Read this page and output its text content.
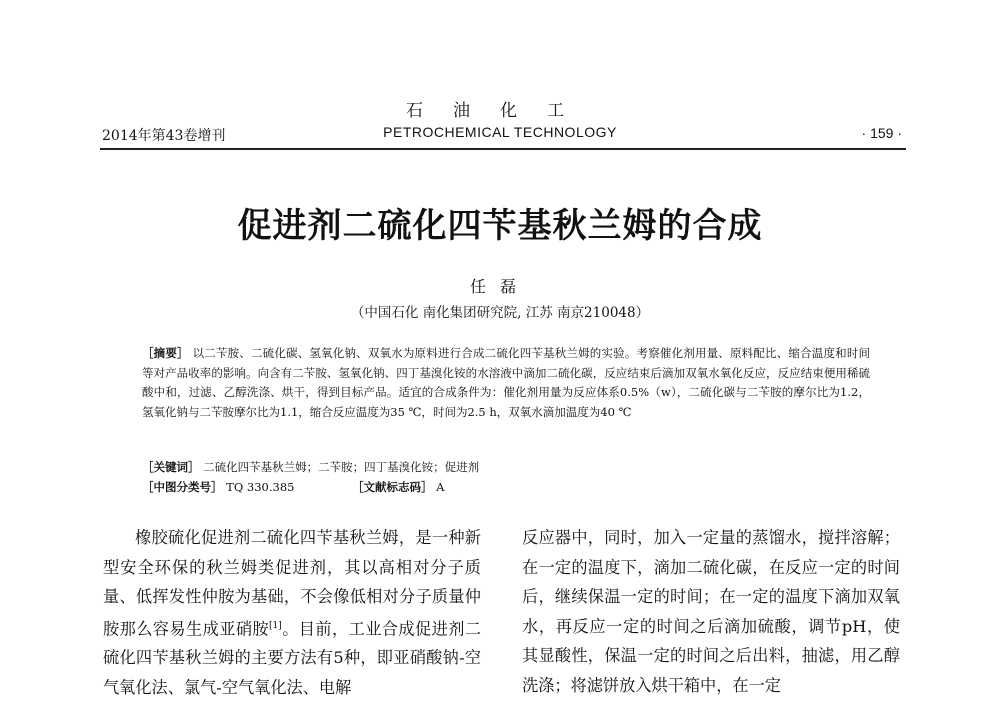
石油化工
2014年第43卷增刊	PETROCHEMICAL TECHNOLOGY	· 159 ·
促进剂二硫化四苄基秋兰姆的合成
任磊
（中国石化 南化集团研究院, 江苏 南京210048）
［摘要］ 以二苄胺、二硫化碳、氢氧化钠、双氧水为原料进行合成二硫化四苄基秋兰姆的实验。考察催化剂用量、原料配比、缩合温度和时间等对产品收率的影响。向含有二苄胺、氢氧化钠、四丁基溴化铵的水溶液中滴加二硫化碳，反应结束后滴加双氧水氧化反应，反应结束便用稀硫酸中和，过滤、乙醇洗涤、烘干，得到目标产品。适宜的合成条件为：催化剂用量为反应体系0.5%（w），二硫化碳与二苄胺的摩尔比为1.2，氢氧化钠与二苄胺摩尔比为1.1，缩合反应温度为35 ℃，时间为2.5 h，双氧水滴加温度为40 ℃
［关键词］ 二硫化四苄基秋兰姆；二苄胺；四丁基溴化铵；促进剂
［中图分类号］ TQ 330.385	［文献标志码］ A
橡胶硫化促进剂二硫化四苄基秋兰姆，是一种新型安全环保的秋兰姆类促进剂，其以高相对分子质量、低挥发性仲胺为基础，不会像低相对分子质量仲胺那么容易生成亚硝胺[1]。目前，工业合成促进剂二硫化四苄基秋兰姆的主要方法有5种，即亚硝酸钠-空气氧化法、氯气-空气氧化法、电解
反应器中，同时，加入一定量的蒸馏水，搅拌溶解；在一定的温度下，滴加二硫化碳，在反应一定的时间后，继续保温一定的时间；在一定的温度下滴加双氧水，再反应一定的时间之后滴加硫酸，调节pH，使其显酸性，保温一定的时间之后出料，抽滤，用乙醇洗涤；将滤饼放入烘干箱中，在一定
